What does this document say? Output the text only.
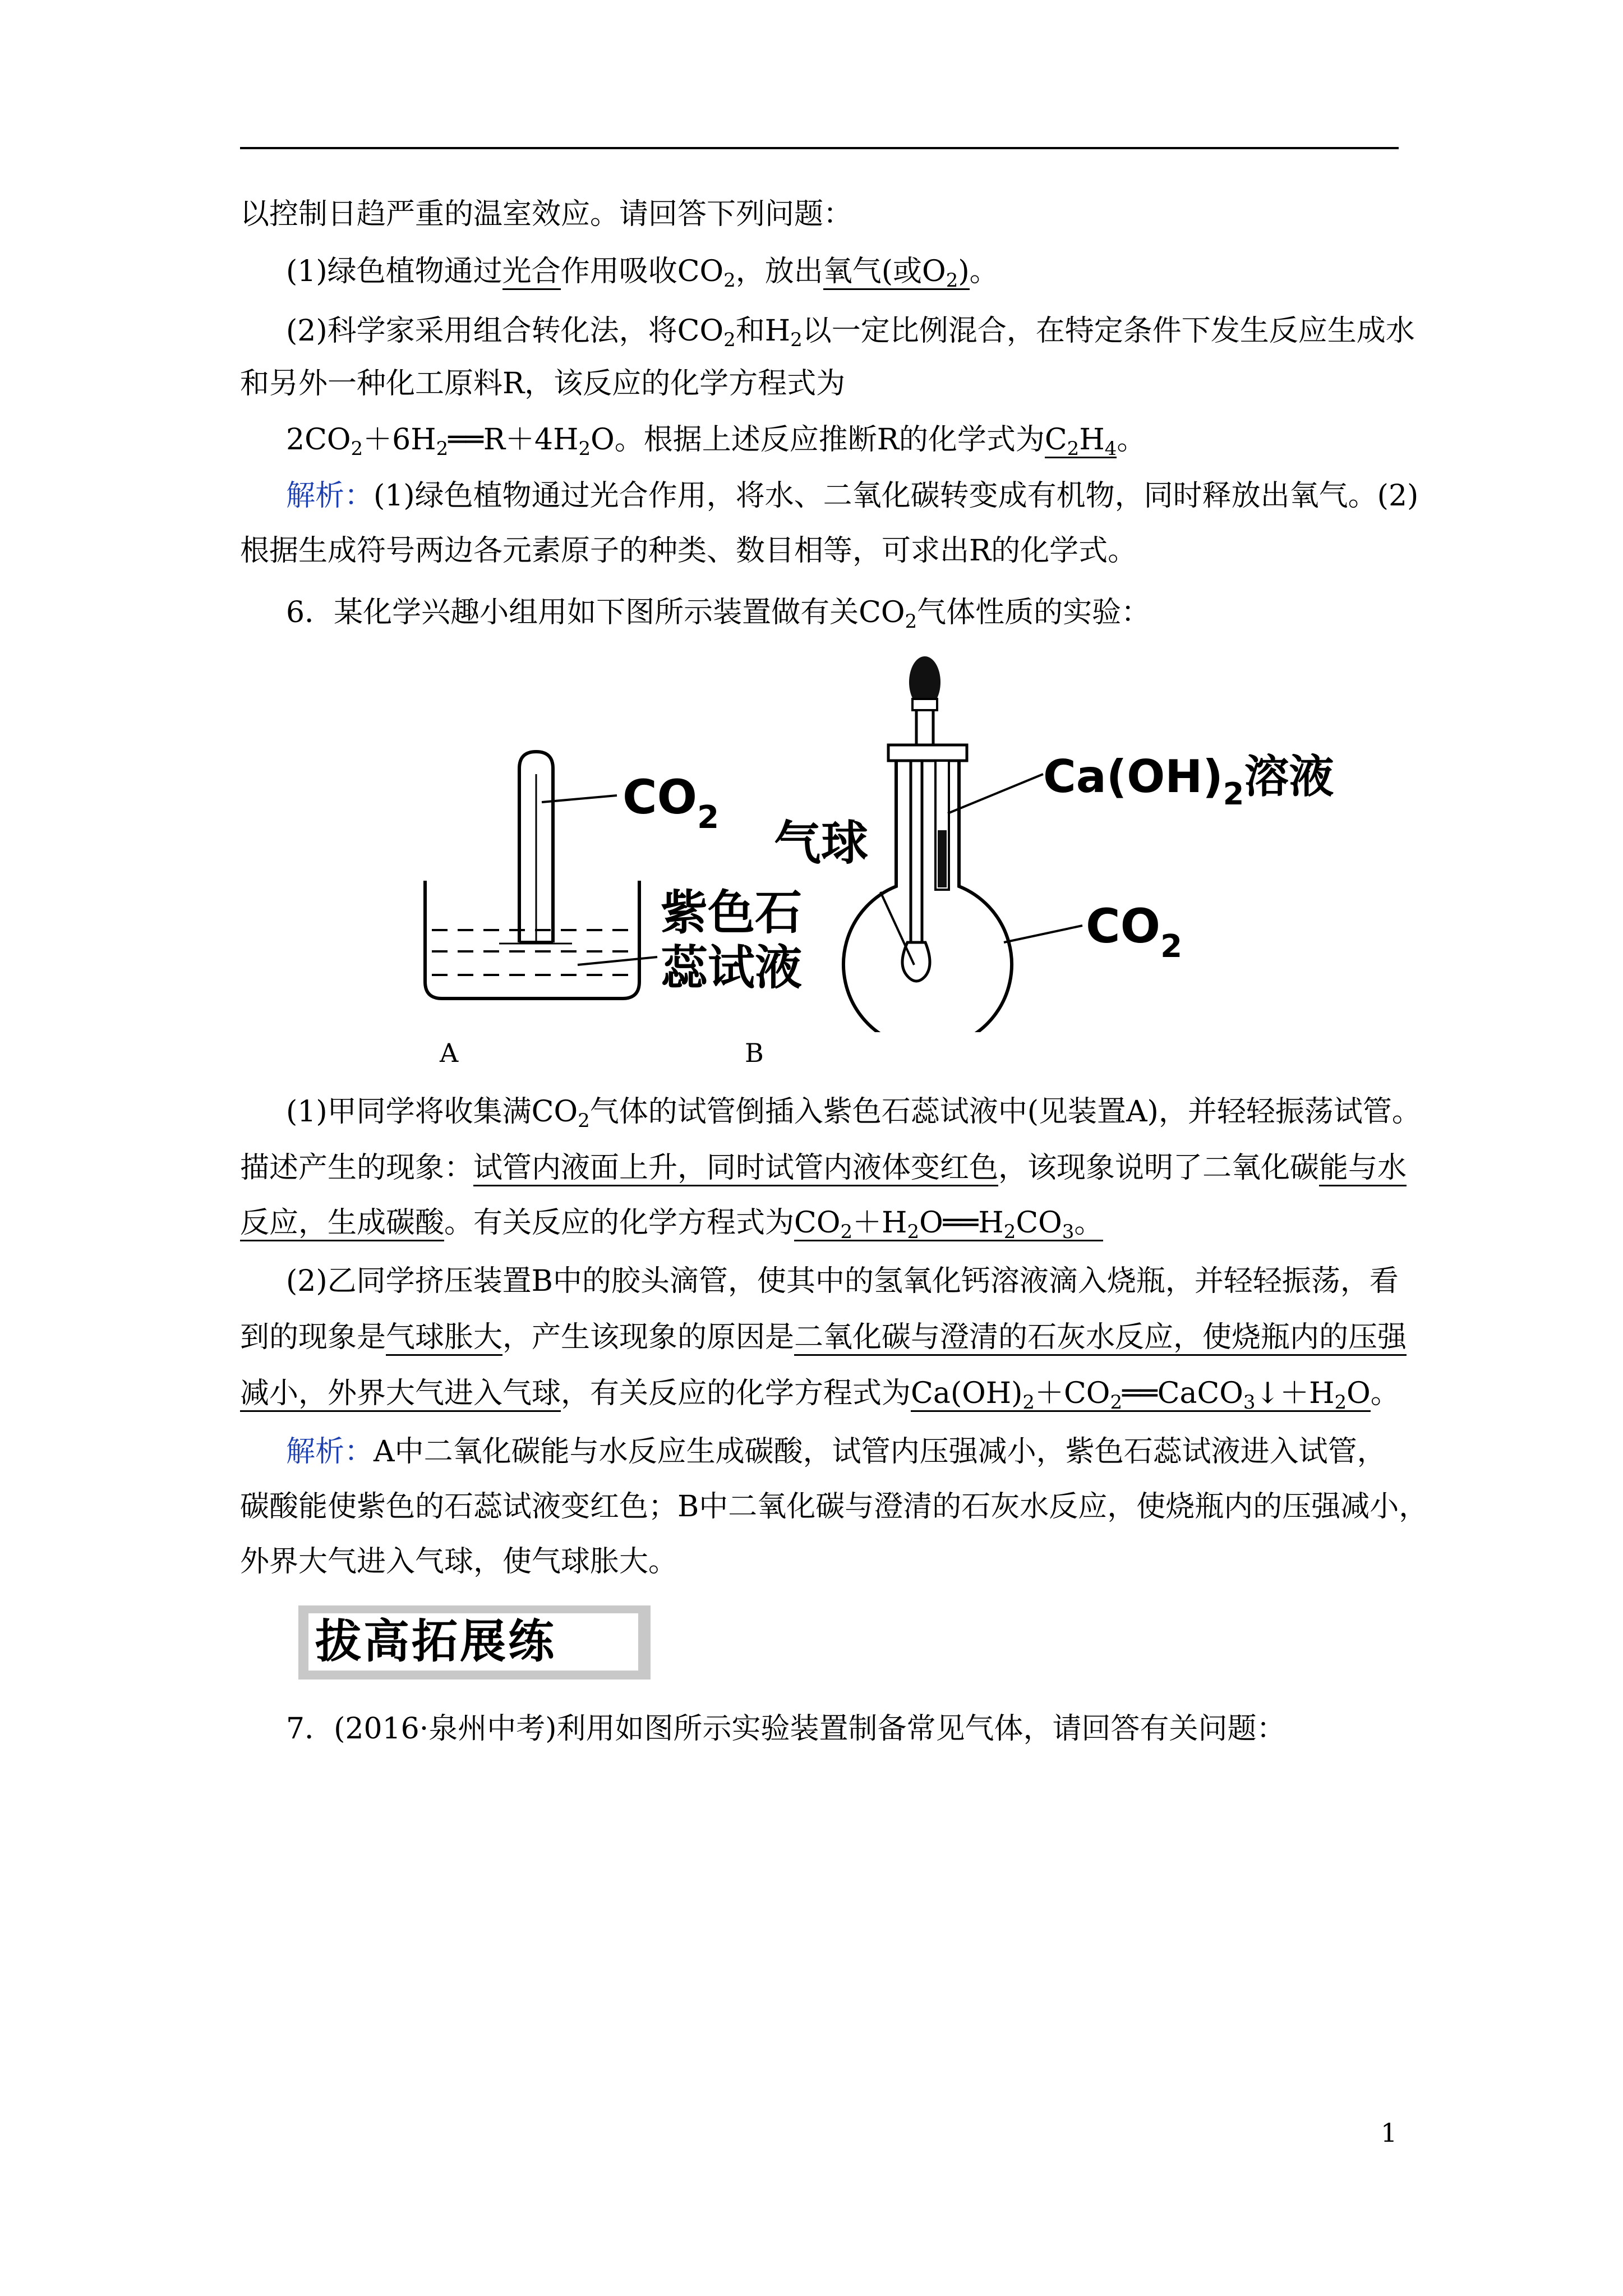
以控制日趋严重的温室效应。请回答下列问题：
(1)绿色植物通过光合作用吸收$CO_2$，放出氧气(或$O_2$)。
(2)科学家采用组合转化法，将$CO_2$和$H_2$以一定比例混合，在特定条件下发生反应生成水
和另外一种化工原料R，该反应的化学方程式为
$2CO_2+6H_2══R+4H_2O$。根据上述反应推断R的化学式为$C_2H_4$。
解析：(1)绿色植物通过光合作用，将水、二氧化碳转变成有机物，同时释放出氧气。(2)
根据生成符号两边各元素原子的种类、数目相等，可求出R的化学式。
6．某化学兴趣小组用如下图所示装置做有关$CO_2$气体性质的实验：
$CO_2$
紫色石
蕊试液
$Ca(OH)_2$溶液
气球
$CO_2$
A	B
(1)甲同学将收集满$CO_2$气体的试管倒插入紫色石蕊试液中(见装置A)，并轻轻振荡试管。
描述产生的现象：试管内液面上升，同时试管内液体变红色，该现象说明了二氧化碳能与水
反应，生成碳酸。有关反应的化学方程式为$CO_2+H_2O══H_2CO_3$。
(2)乙同学挤压装置B中的胶头滴管，使其中的氢氧化钙溶液滴入烧瓶，并轻轻振荡，看
到的现象是气球胀大，产生该现象的原因是二氧化碳与澄清的石灰水反应，使烧瓶内的压强
减小，外界大气进入气球，有关反应的化学方程式为$Ca(OH)_2+CO_2══CaCO_3↓+H_2O$。
解析：A中二氧化碳能与水反应生成碳酸，试管内压强减小，紫色石蕊试液进入试管，
碳酸能使紫色的石蕊试液变红色；B中二氧化碳与澄清的石灰水反应，使烧瓶内的压强减小，
外界大气进入气球，使气球胀大。
拔高拓展练
7．(2016·泉州中考)利用如图所示实验装置制备常见气体，请回答有关问题：
1
